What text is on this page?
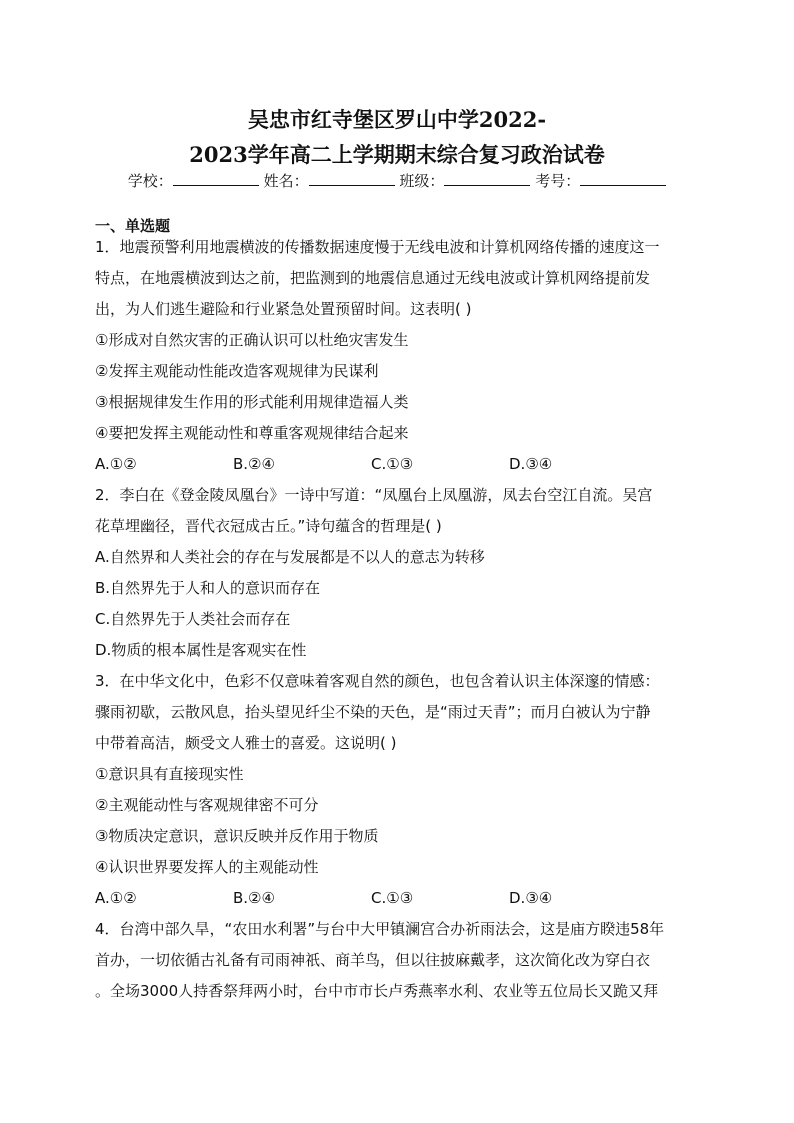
吴忠市红寺堡区罗山中学2022-
2023学年高二上学期期末综合复习政治试卷
学校：	姓名：	班级：	考号：
一、单选题
1．地震预警利用地震横波的传播数据速度慢于无线电波和计算机网络传播的速度这一
特点，在地震横波到达之前，把监测到的地震信息通过无线电波或计算机网络提前发
出，为人们逃生避险和行业紧急处置预留时间。这表明( )
①形成对自然灾害的正确认识可以杜绝灾害发生
②发挥主观能动性能改造客观规律为民谋利
③根据规律发生作用的形式能利用规律造福人类
④要把发挥主观能动性和尊重客观规律结合起来
A.①②	B.②④	C.①③	D.③④
2．李白在《登金陵凤凰台》一诗中写道：“凤凰台上凤凰游，凤去台空江自流。吴宫
花草埋幽径，晋代衣冠成古丘。”诗句蕴含的哲理是( )
A.自然界和人类社会的存在与发展都是不以人的意志为转移
B.自然界先于人和人的意识而存在
C.自然界先于人类社会而存在
D.物质的根本属性是客观实在性
3．在中华文化中，色彩不仅意味着客观自然的颜色，也包含着认识主体深邃的情感：
骤雨初歇，云散风息，抬头望见纤尘不染的天色，是“雨过天青”；而月白被认为宁静
中带着高洁，颇受文人雅士的喜爱。这说明( )
①意识具有直接现实性
②主观能动性与客观规律密不可分
③物质决定意识，意识反映并反作用于物质
④认识世界要发挥人的主观能动性
A.①②	B.②④	C.①③	D.③④
4．台湾中部久旱，“农田水利署”与台中大甲镇澜宫合办祈雨法会，这是庙方睽违58年
首办，一切依循古礼备有司雨神祇、商羊鸟，但以往披麻戴孝，这次简化改为穿白衣
。全场3000人持香祭拜两小时，台中市市长卢秀燕率水利、农业等五位局长又跪又拜
